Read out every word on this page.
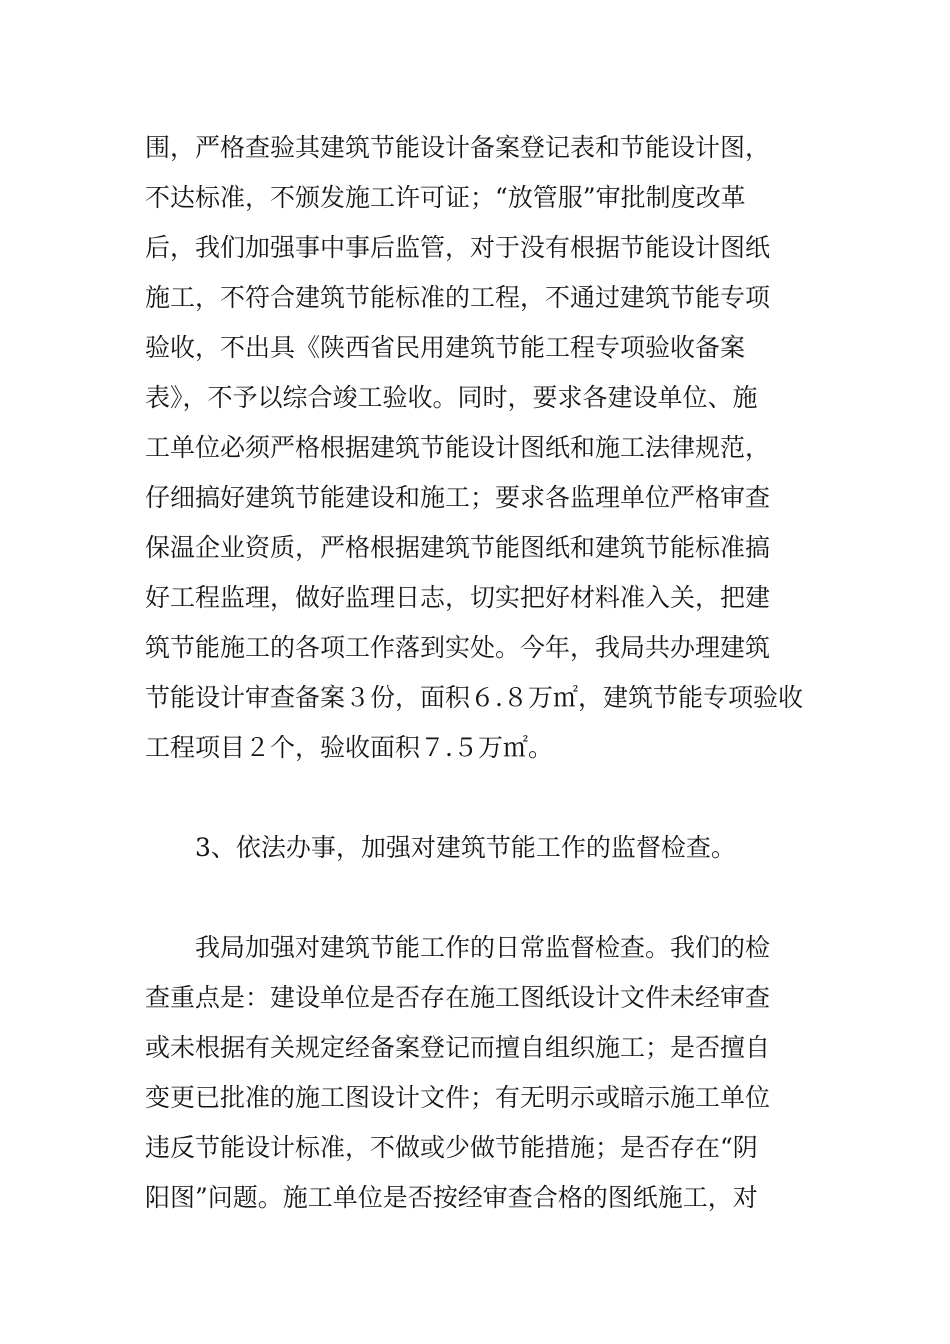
围，严格查验其建筑节能设计备案登记表和节能设计图，
不达标准，不颁发施工许可证；“放管服”审批制度改革
后，我们加强事中事后监管，对于没有根据节能设计图纸
施工，不符合建筑节能标准的工程，不通过建筑节能专项
验收，不出具《陕西省民用建筑节能工程专项验收备案
表》，不予以综合竣工验收。同时，要求各建设单位、施
工单位必须严格根据建筑节能设计图纸和施工法律规范，
仔细搞好建筑节能建设和施工；要求各监理单位严格审查
保温企业资质，严格根据建筑节能图纸和建筑节能标准搞
好工程监理，做好监理日志，切实把好材料准入关，把建
筑节能施工的各项工作落到实处。今年，我局共办理建筑
节能设计审查备案３份，面积６.８万㎡，建筑节能专项验收
工程项目２个，验收面积７.５万㎡。
3、依法办事，加强对建筑节能工作的监督检查。
我局加强对建筑节能工作的日常监督检查。我们的检
查重点是：建设单位是否存在施工图纸设计文件未经审查
或未根据有关规定经备案登记而擅自组织施工；是否擅自
变更已批准的施工图设计文件；有无明示或暗示施工单位
违反节能设计标准，不做或少做节能措施；是否存在“阴
阳图”问题。施工单位是否按经审查合格的图纸施工，对
